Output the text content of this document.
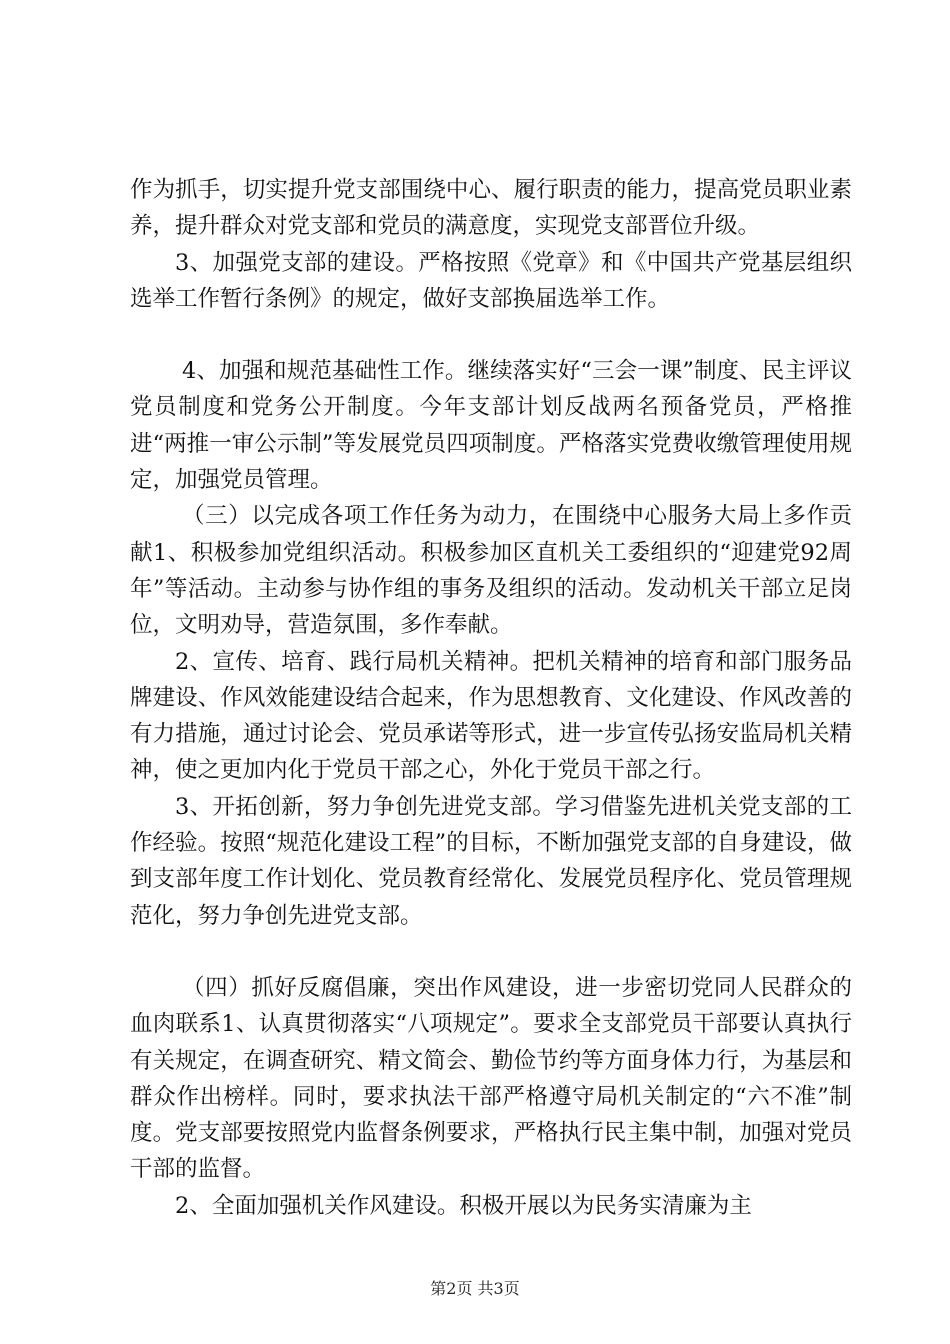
作为抓手，切实提升党支部围绕中心、履行职责的能力，提高党员职业素养，提升群众对党支部和党员的满意度，实现党支部晋位升级。

3、加强党支部的建设。严格按照《党章》和《中国共产党基层组织选举工作暂行条例》的规定，做好支部换届选举工作。

4、加强和规范基础性工作。继续落实好“三会一课”制度、民主评议党员制度和党务公开制度。今年支部计划反战两名预备党员，严格推进“两推一审公示制”等发展党员四项制度。严格落实党费收缴管理使用规定，加强党员管理。

（三）以完成各项工作任务为动力，在围绕中心服务大局上多作贡献1、积极参加党组织活动。积极参加区直机关工委组织的“迎建党92周年”等活动。主动参与协作组的事务及组织的活动。发动机关干部立足岗位，文明劝导，营造氛围，多作奉献。

2、宣传、培育、践行局机关精神。把机关精神的培育和部门服务品牌建设、作风效能建设结合起来，作为思想教育、文化建设、作风改善的有力措施，通过讨论会、党员承诺等形式，进一步宣传弘扬安监局机关精神，使之更加内化于党员干部之心，外化于党员干部之行。

3、开拓创新，努力争创先进党支部。学习借鉴先进机关党支部的工作经验。按照“规范化建设工程”的目标，不断加强党支部的自身建设，做到支部年度工作计划化、党员教育经常化、发展党员程序化、党员管理规范化，努力争创先进党支部。

（四）抓好反腐倡廉，突出作风建设，进一步密切党同人民群众的血肉联系1、认真贯彻落实“八项规定”。要求全支部党员干部要认真执行有关规定，在调查研究、精文简会、勤俭节约等方面身体力行，为基层和群众作出榜样。同时，要求执法干部严格遵守局机关制定的“六不准”制度。党支部要按照党内监督条例要求，严格执行民主集中制，加强对党员干部的监督。

2、全面加强机关作风建设。积极开展以为民务实清廉为主

第2页 共3页
